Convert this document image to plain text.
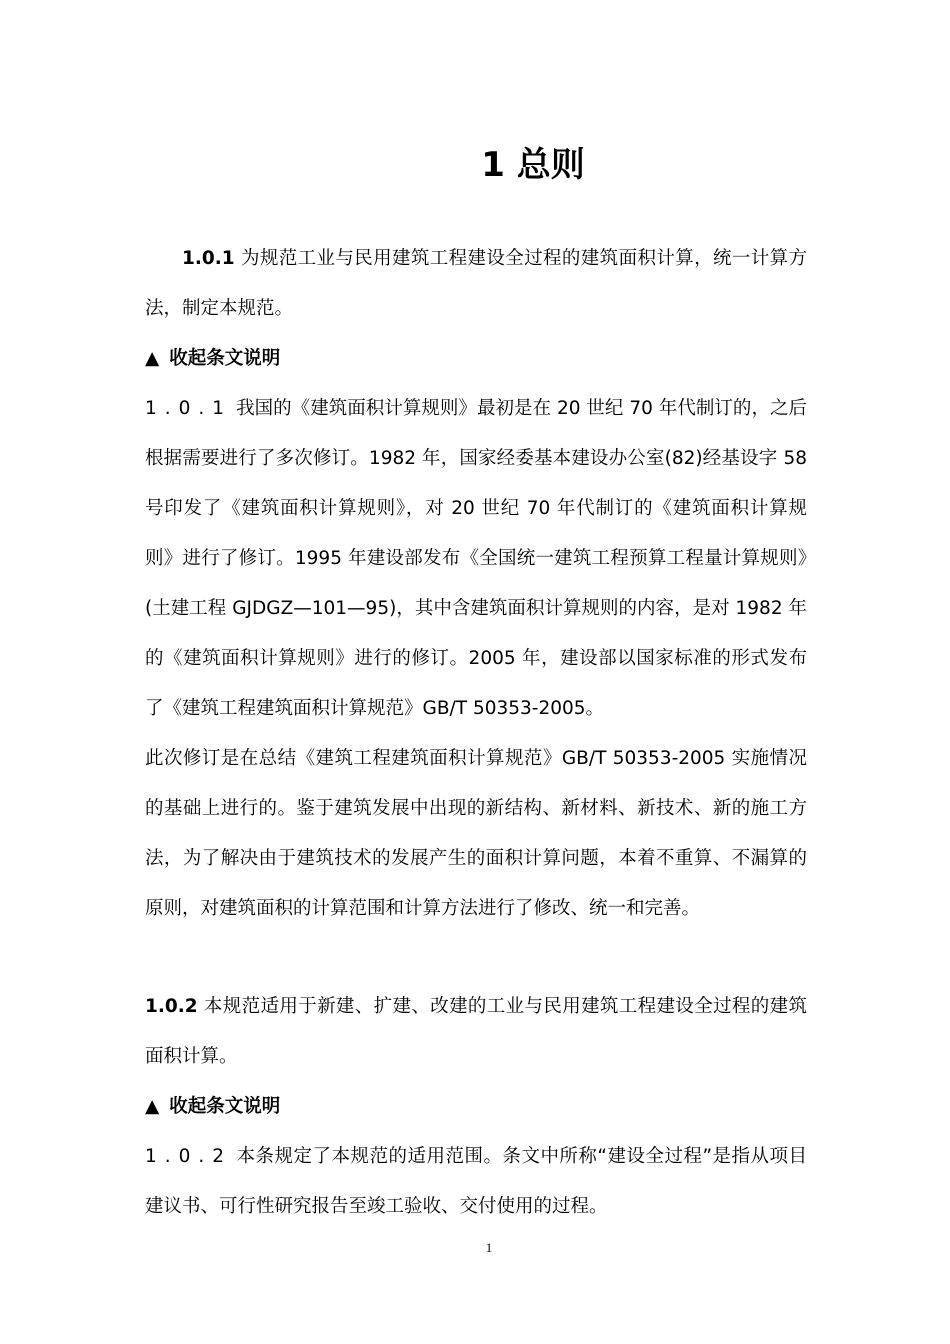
1 总则

1.0.1 为规范工业与民用建筑工程建设全过程的建筑面积计算，统一计算方法，制定本规范。

▲ 收起条文说明

1.0.1 我国的《建筑面积计算规则》最初是在 20 世纪 70 年代制订的，之后根据需要进行了多次修订。1982 年，国家经委基本建设办公室(82)经基设字 58 号印发了《建筑面积计算规则》，对 20 世纪 70 年代制订的《建筑面积计算规则》进行了修订。1995 年建设部发布《全国统一建筑工程预算工程量计算规则》(土建工程 GJDGZ—101—95)，其中含建筑面积计算规则的内容，是对 1982 年的《建筑面积计算规则》进行的修订。2005 年，建设部以国家标准的形式发布了《建筑工程建筑面积计算规范》GB/T 50353-2005。

此次修订是在总结《建筑工程建筑面积计算规范》GB/T 50353-2005 实施情况的基础上进行的。鉴于建筑发展中出现的新结构、新材料、新技术、新的施工方法，为了解决由于建筑技术的发展产生的面积计算问题，本着不重算、不漏算的原则，对建筑面积的计算范围和计算方法进行了修改、统一和完善。

1.0.2 本规范适用于新建、扩建、改建的工业与民用建筑工程建设全过程的建筑面积计算。

▲ 收起条文说明

1.0.2 本条规定了本规范的适用范围。条文中所称“建设全过程”是指从项目建议书、可行性研究报告至竣工验收、交付使用的过程。

1
